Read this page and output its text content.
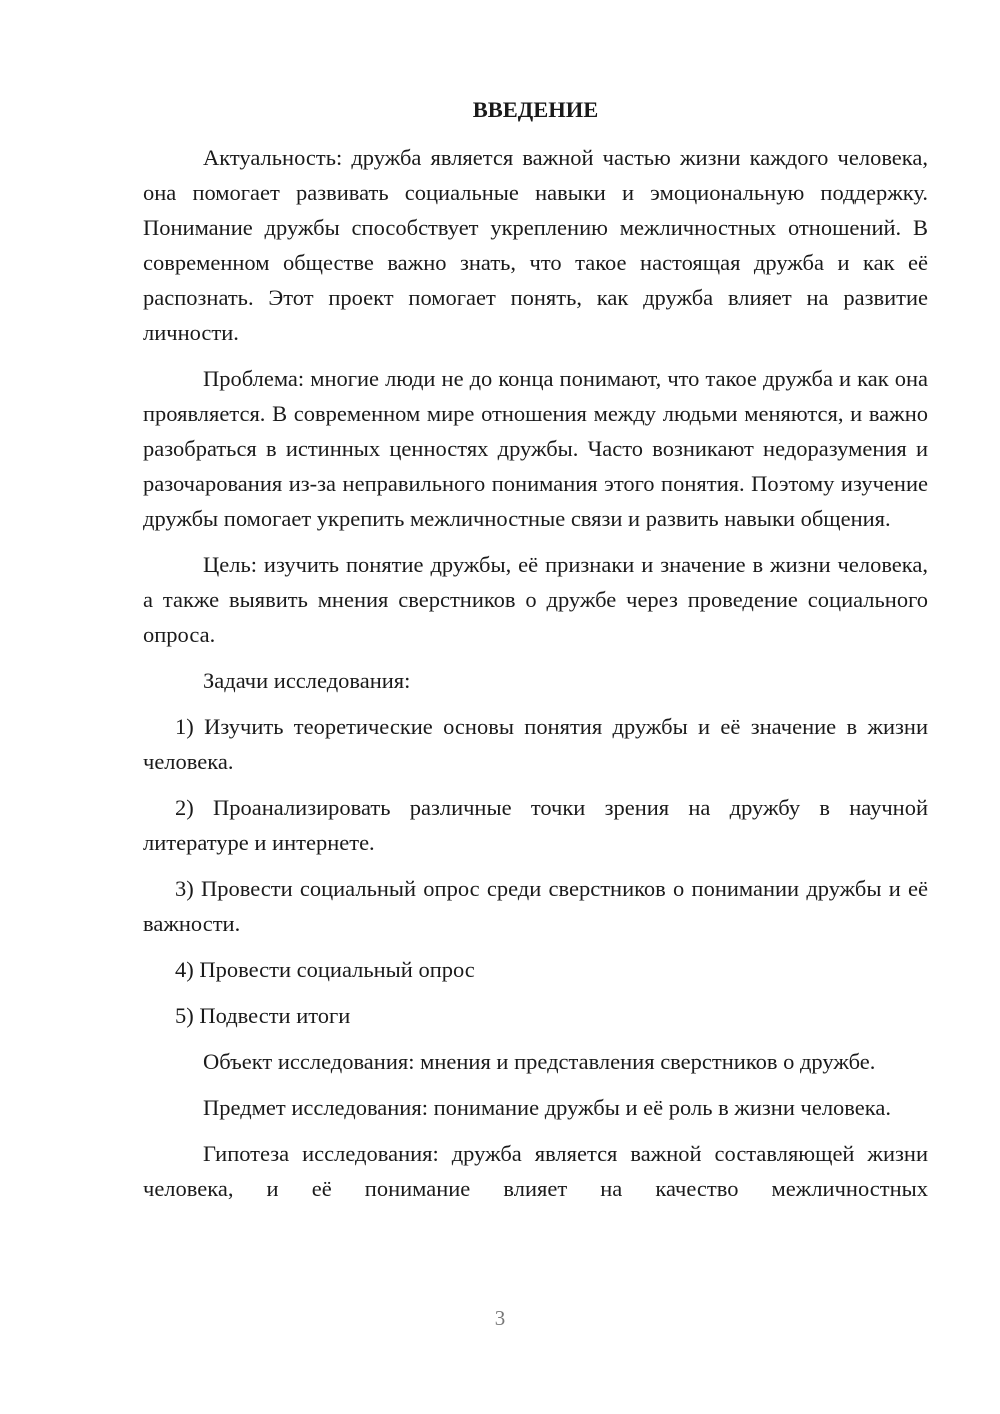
ВВЕДЕНИЕ

Актуальность: дружба является важной частью жизни каждого человека, она помогает развивать социальные навыки и эмоциональную поддержку. Понимание дружбы способствует укреплению межличностных отношений. В современном обществе важно знать, что такое настоящая дружба и как её распознать. Этот проект помогает понять, как дружба влияет на развитие личности.

Проблема: многие люди не до конца понимают, что такое дружба и как она проявляется. В современном мире отношения между людьми меняются, и важно разобраться в истинных ценностях дружбы. Часто возникают недоразумения и разочарования из-за неправильного понимания этого понятия. Поэтому изучение дружбы помогает укрепить межличностные связи и развить навыки общения.

Цель: изучить понятие дружбы, её признаки и значение в жизни человека, а также выявить мнения сверстников о дружбе через проведение социального опроса.

Задачи исследования:

1) Изучить теоретические основы понятия дружбы и её значение в жизни человека.

2) Проанализировать различные точки зрения на дружбу в научной литературе и интернете.

3) Провести социальный опрос среди сверстников о понимании дружбы и её важности.

4) Провести социальный опрос

5) Подвести итоги

Объект исследования: мнения и представления сверстников о дружбе.

Предмет исследования: понимание дружбы и её роль в жизни человека.

Гипотеза исследования: дружба является важной составляющей жизни человека, и её понимание влияет на качество межличностных

3
